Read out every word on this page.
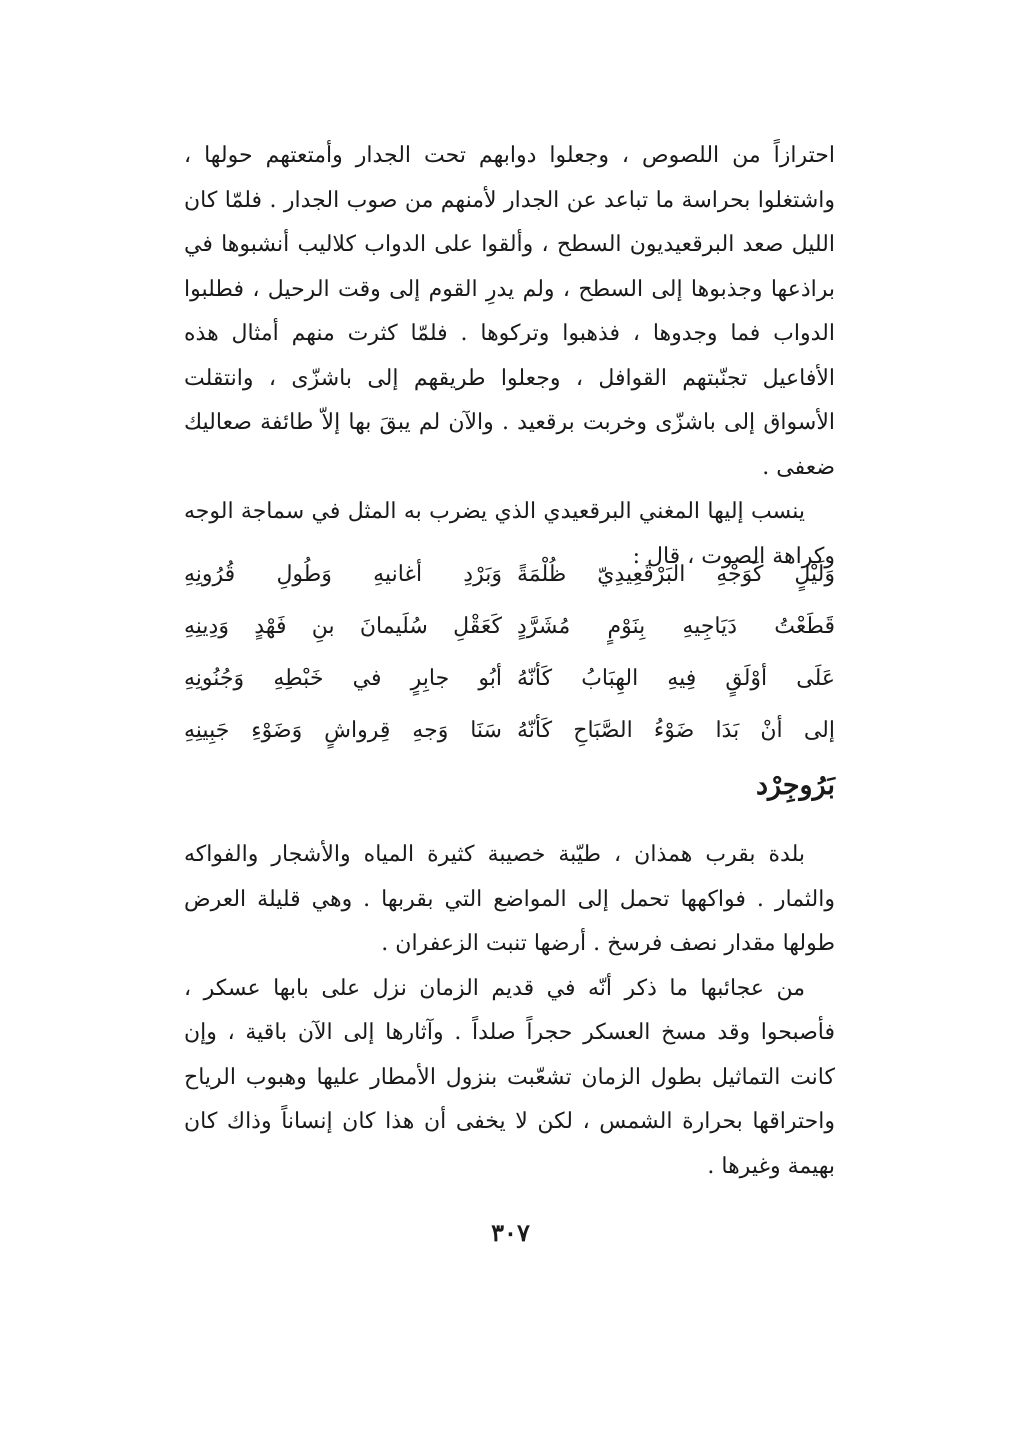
احترازاً من اللصوص ، وجعلوا دوابهم تحت الجدار وأمتعتهم حولها ، واشتغلوا بحراسة ما تباعد عن الجدار لأمنهم من صوب الجدار . فلمّا كان الليل صعد البرقعيديون السطح ، وألقوا على الدواب كلاليب أنشبوها في براذعها وجذبوها إلى السطح ، ولم يدرِ القوم إلى وقت الرحيل ، فطلبوا الدواب فما وجدوها ، فذهبوا وتركوها . فلمّا كثرت منهم أمثال هذه الأفاعيل تجنّبتهم القوافل ، وجعلوا طريقهم إلى باشزّى ، وانتقلت الأسواق إلى باشزّى وخربت برقعيد . والآن لم يبقَ بها إلاّ طائفة صعاليك ضعفى .

ينسب إليها المغني البرقعيدي الذي يضرب به المثل في سماجة الوجه وكراهة الصوت ، قال :

وَلَيْلٍ كَوَجْهِ البَرْقَعِيدِيّ ظُلْمَةً
وَبَرْدِ أغانيهِ وَطُولِ قُرُونِهِ
قَطَعْتُ دَيَاجِيهِ بِنَوْمٍ مُشَرَّدٍ
كَعَقْلِ سُلَيمانَ بنِ فَهْدٍ وَدِينِهِ
عَلَى أوْلَقٍ فِيهِ الهِبَابُ كَأنّهُ
أبُو جابِرٍ في خَبْطِهِ وَجُنُونِهِ
إلى أنْ بَدَا ضَوْءُ الصَّبَاحِ كَأنّهُ
سَنَا وَجهِ قِرواشٍ وَضَوْءِ جَبِينِهِ
بَرُوجِرْد

بلدة بقرب همذان ، طيّبة خصيبة كثيرة المياه والأشجار والفواكه والثمار . فواكهها تحمل إلى المواضع التي بقربها . وهي قليلة العرض طولها مقدار نصف فرسخ . أرضها تنبت الزعفران .

من عجائبها ما ذكر أنّه في قديم الزمان نزل على بابها عسكر ، فأصبحوا وقد مسخ العسكر حجراً صلداً . وآثارها إلى الآن باقية ، وإن كانت التماثيل بطول الزمان تشعّبت بنزول الأمطار عليها وهبوب الرياح واحتراقها بحرارة الشمس ، لكن لا يخفى أن هذا كان إنساناً وذاك كان بهيمة وغيرها .

٣٠٧
